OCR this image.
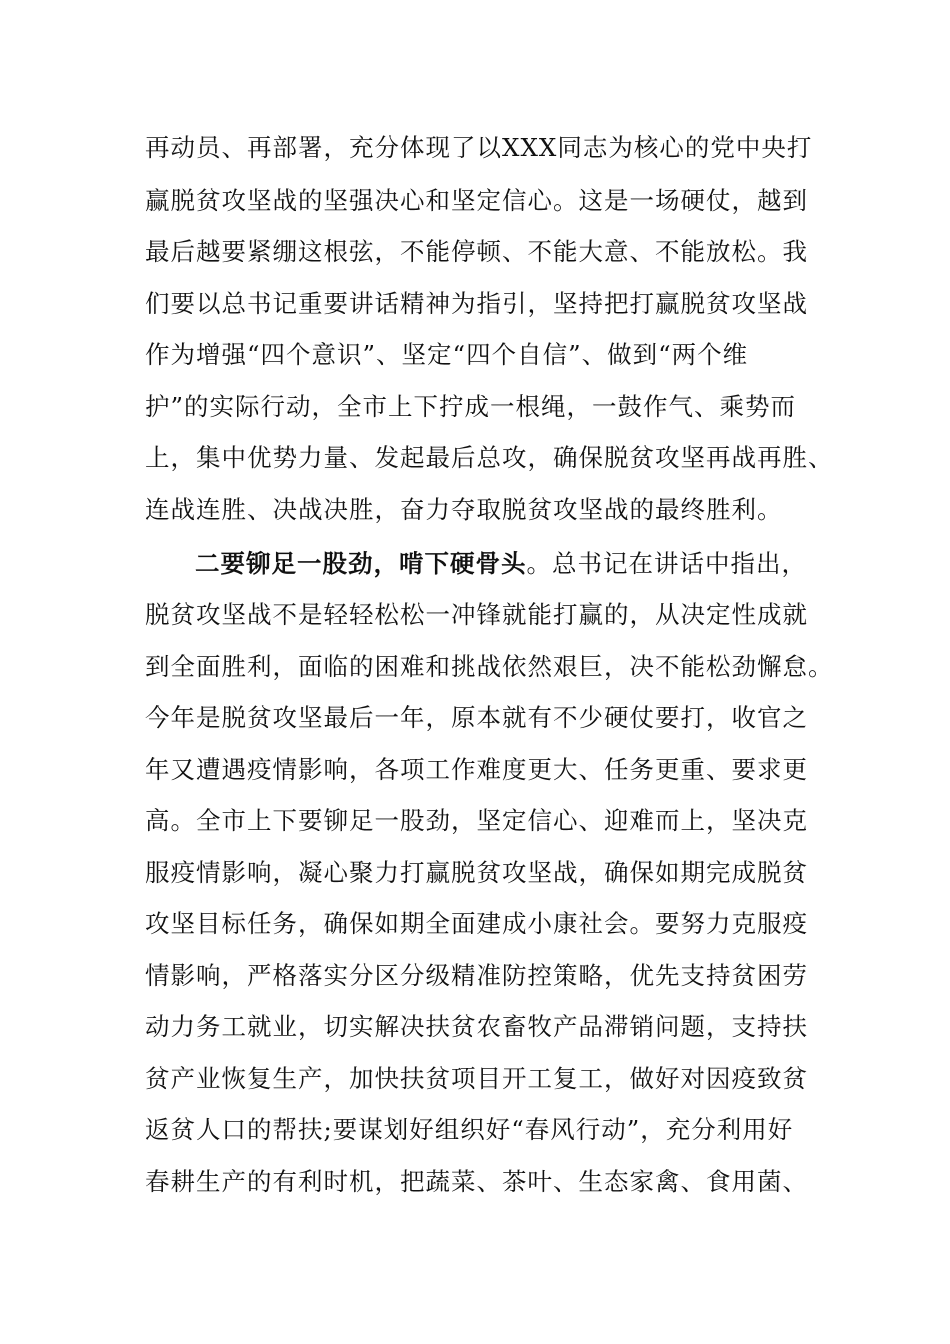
再动员、再部署，充分体现了以XXX同志为核心的党中央打
赢脱贫攻坚战的坚强决心和坚定信心。这是一场硬仗，越到
最后越要紧绷这根弦，不能停顿、不能大意、不能放松。我
们要以总书记重要讲话精神为指引，坚持把打赢脱贫攻坚战
作为增强“四个意识”、坚定“四个自信”、做到“两个维
护”的实际行动，全市上下拧成一根绳，一鼓作气、乘势而
上，集中优势力量、发起最后总攻，确保脱贫攻坚再战再胜、
连战连胜、决战决胜，奋力夺取脱贫攻坚战的最终胜利。
二要铆足一股劲，啃下硬骨头。总书记在讲话中指出，
脱贫攻坚战不是轻轻松松一冲锋就能打赢的，从决定性成就
到全面胜利，面临的困难和挑战依然艰巨，决不能松劲懈怠。
今年是脱贫攻坚最后一年，原本就有不少硬仗要打，收官之
年又遭遇疫情影响，各项工作难度更大、任务更重、要求更
高。全市上下要铆足一股劲，坚定信心、迎难而上，坚决克
服疫情影响，凝心聚力打赢脱贫攻坚战，确保如期完成脱贫
攻坚目标任务，确保如期全面建成小康社会。要努力克服疫
情影响，严格落实分区分级精准防控策略，优先支持贫困劳
动力务工就业，切实解决扶贫农畜牧产品滞销问题，支持扶
贫产业恢复生产，加快扶贫项目开工复工，做好对因疫致贫
返贫人口的帮扶;要谋划好组织好“春风行动”，充分利用好
春耕生产的有利时机，把蔬菜、茶叶、生态家禽、食用菌、
